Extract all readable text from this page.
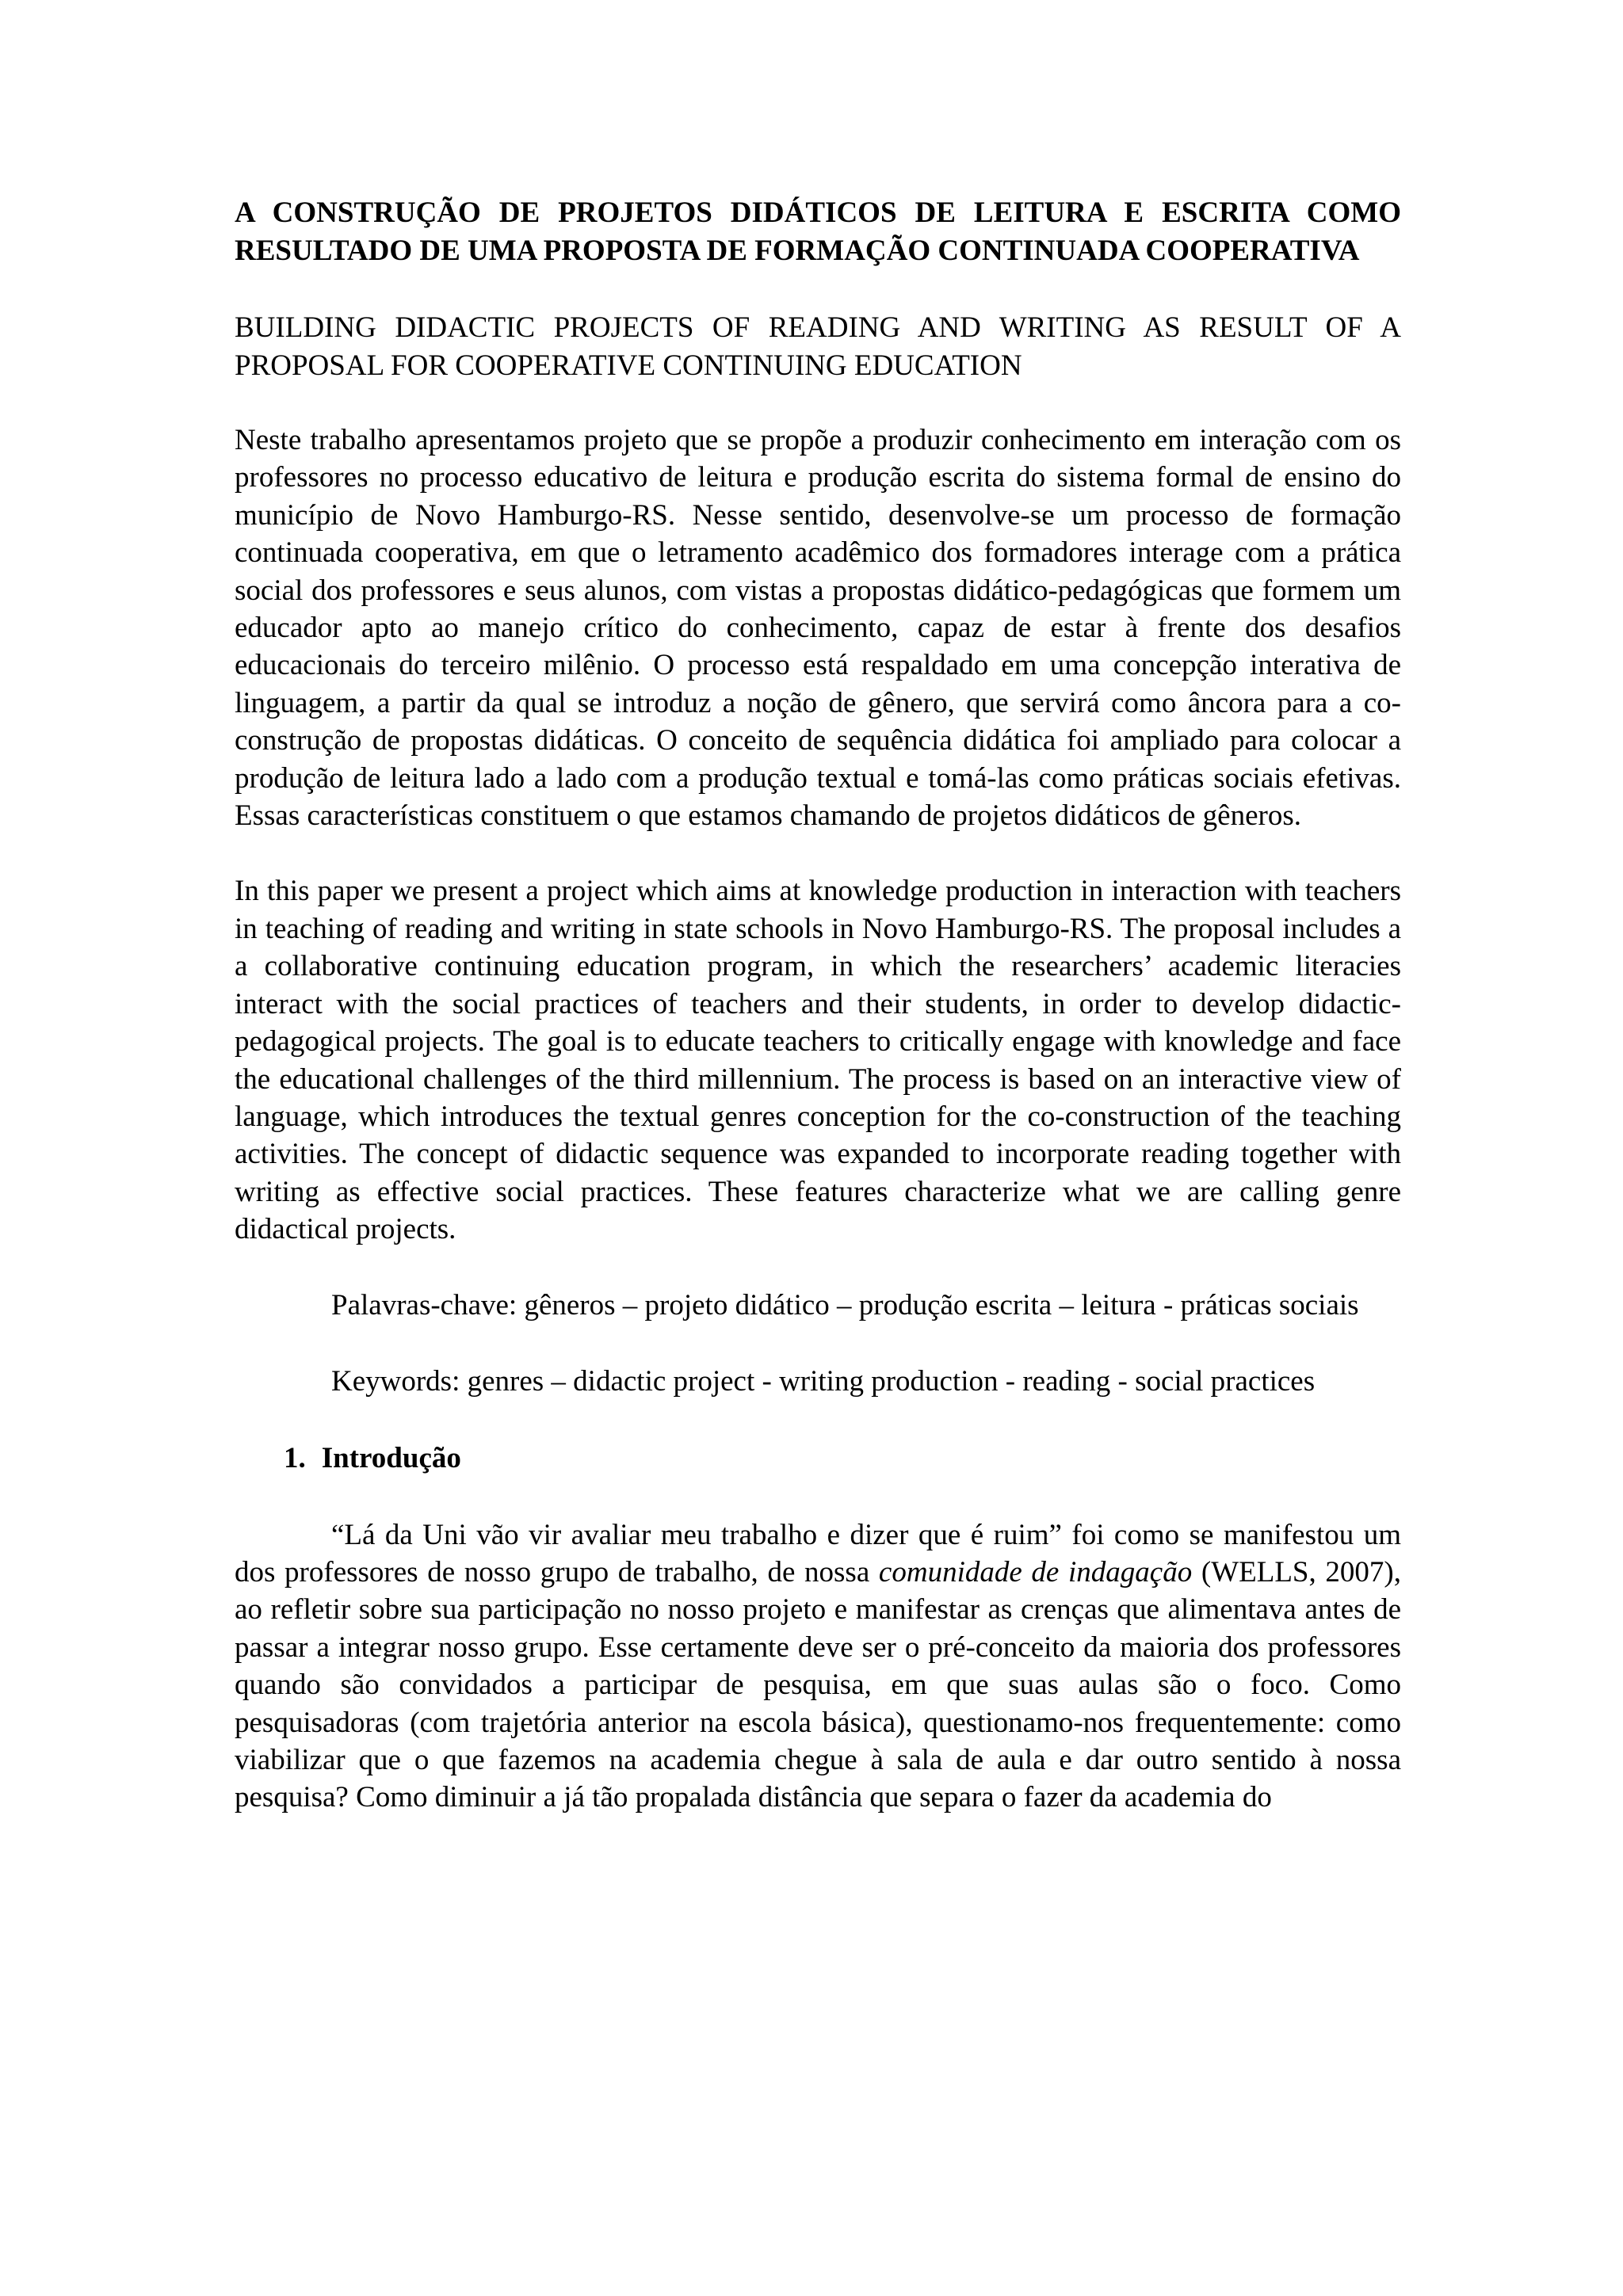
A CONSTRUÇÃO DE PROJETOS DIDÁTICOS DE LEITURA E ESCRITA COMO RESULTADO DE UMA PROPOSTA DE FORMAÇÃO CONTINUADA COOPERATIVA
BUILDING DIDACTIC PROJECTS OF READING AND WRITING AS RESULT OF A PROPOSAL FOR COOPERATIVE CONTINUING EDUCATION

Neste trabalho apresentamos projeto que se propõe a produzir conhecimento em interação com os professores no processo educativo de leitura e produção escrita do sistema formal de ensino do município de Novo Hamburgo-RS. Nesse sentido, desenvolve-se um processo de formação continuada cooperativa, em que o letramento acadêmico dos formadores interage com a prática social dos professores e seus alunos, com vistas a propostas didático-pedagógicas que formem um educador apto ao manejo crítico do conhecimento, capaz de estar à frente dos desafios educacionais do terceiro milênio. O processo está respaldado em uma concepção interativa de linguagem, a partir da qual se introduz a noção de gênero, que servirá como âncora para a co-construção de propostas didáticas. O conceito de sequência didática foi ampliado para colocar a produção de leitura lado a lado com a produção textual e tomá-las como práticas sociais efetivas. Essas características constituem o que estamos chamando de projetos didáticos de gêneros.

In this paper we present a project which aims at knowledge production in interaction with teachers in teaching of reading and writing in state schools in Novo Hamburgo-RS. The proposal includes a a collaborative continuing education program, in which the researchers’ academic literacies interact with the social practices of teachers and their students, in order to develop didactic-pedagogical projects. The goal is to educate teachers to critically engage with knowledge and face the educational challenges of the third millennium. The process is based on an interactive view of language, which introduces the textual genres conception for the co-construction of the teaching activities. The concept of didactic sequence was expanded to incorporate reading together with writing as effective social practices. These features characterize what we are calling genre didactical projects.

Palavras-chave: gêneros – projeto didático – produção escrita – leitura - práticas sociais

Keywords: genres – didactic project - writing production - reading - social practices

1. Introdução

“Lá da Uni vão vir avaliar meu trabalho e dizer que é ruim” foi como se manifestou um dos professores de nosso grupo de trabalho, de nossa comunidade de indagação (WELLS, 2007), ao refletir sobre sua participação no nosso projeto e manifestar as crenças que alimentava antes de passar a integrar nosso grupo. Esse certamente deve ser o pré-conceito da maioria dos professores quando são convidados a participar de pesquisa, em que suas aulas são o foco. Como pesquisadoras (com trajetória anterior na escola básica), questionamo-nos frequentemente: como viabilizar que o que fazemos na academia chegue à sala de aula e dar outro sentido à nossa pesquisa? Como diminuir a já tão propalada distância que separa o fazer da academia do
